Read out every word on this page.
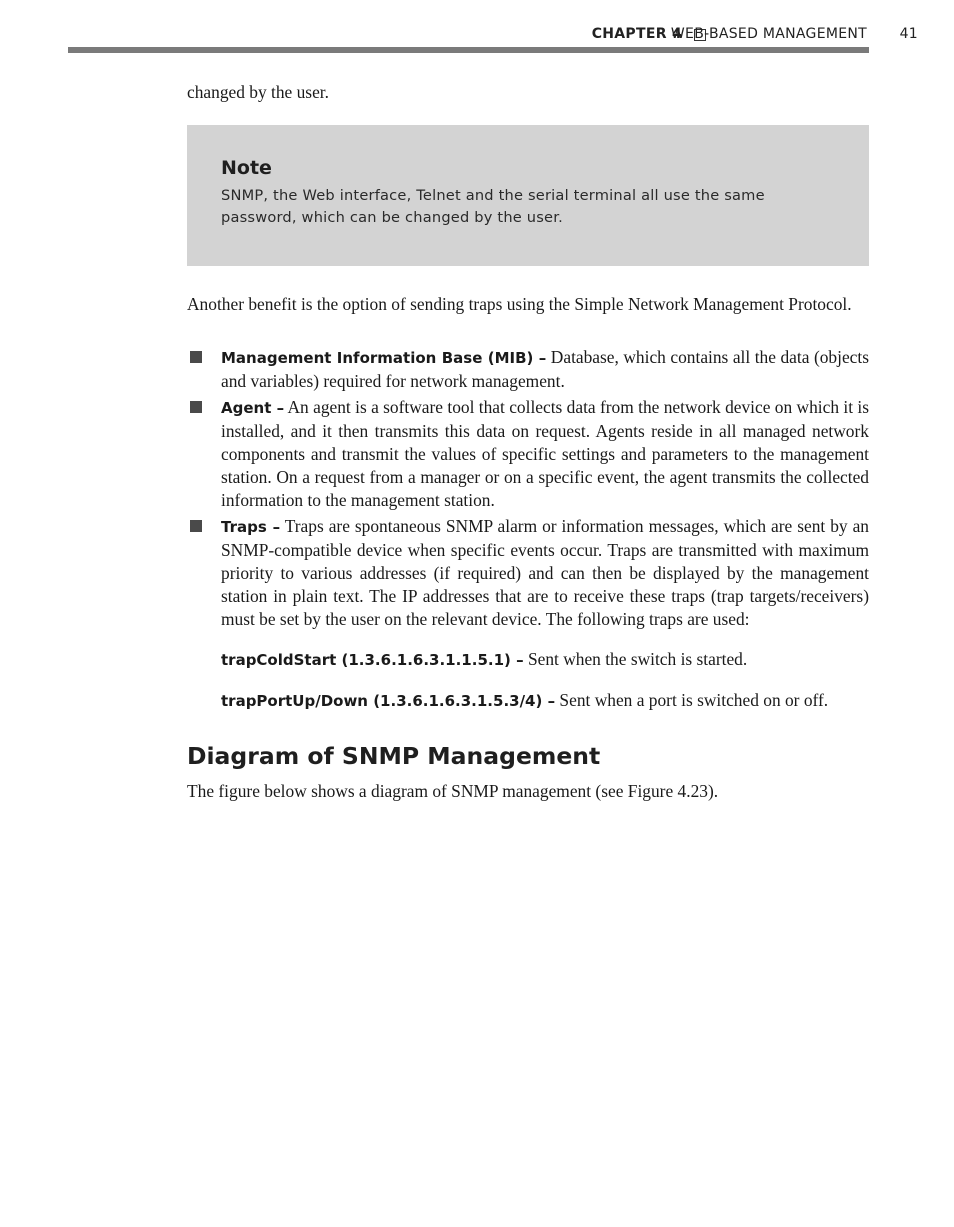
CHAPTER 4
WEB-BASED MANAGEMENT 41

changed by the user.

Note
SNMP, the Web interface, Telnet and the serial terminal all use the same password, which can be changed by the user.

Another benefit is the option of sending traps using the Simple Network Management Protocol.

Management Information Base (MIB) – Database, which contains all the data (objects and variables) required for network management.

Agent – An agent is a software tool that collects data from the network device on which it is installed, and it then transmits this data on request. Agents reside in all managed network components and transmit the values of specific settings and parameters to the management station. On a request from a manager or on a specific event, the agent transmits the collected information to the management station.

Traps – Traps are spontaneous SNMP alarm or information messages, which are sent by an SNMP-compatible device when specific events occur. Traps are transmitted with maximum priority to various addresses (if required) and can then be displayed by the management station in plain text. The IP addresses that are to receive these traps (trap targets/receivers) must be set by the user on the relevant device. The following traps are used:

trapColdStart (1.3.6.1.6.3.1.1.5.1) – Sent when the switch is started.

trapPortUp/Down (1.3.6.1.6.3.1.5.3/4) – Sent when a port is switched on or off.

Diagram of SNMP Management

The figure below shows a diagram of SNMP management (see Figure 4.23).
